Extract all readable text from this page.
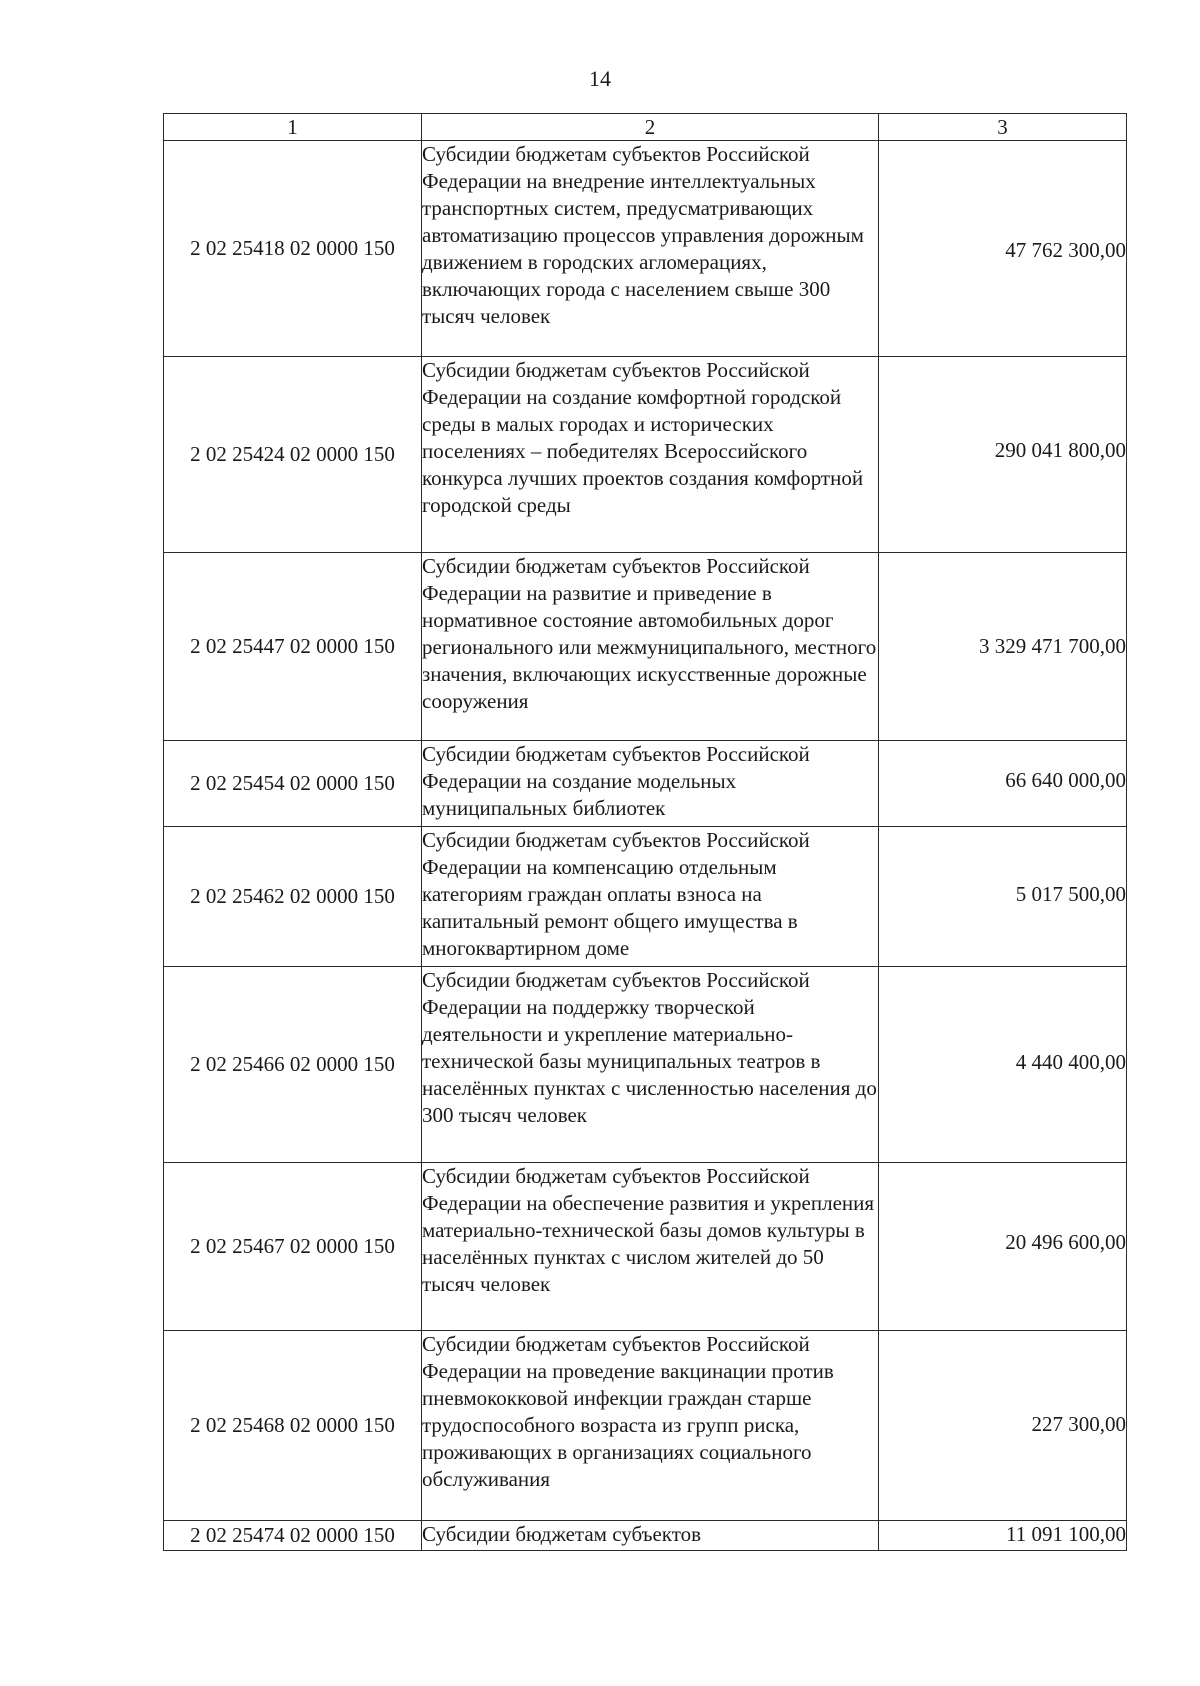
14
1	2	3
2 02 25418 02 0000 150	Субсидии бюджетам субъектов Российской Федерации на внедрение интеллектуальных транспортных систем, предусматривающих автоматизацию процессов управления дорожным движением в городских агломерациях, включающих города с населением свыше 300 тысяч человек	47 762 300,00
2 02 25424 02 0000 150	Субсидии бюджетам субъектов Российской Федерации на создание комфортной городской среды в малых городах и исторических поселениях – победителях Всероссийского конкурса лучших проектов создания комфортной городской среды	290 041 800,00
2 02 25447 02 0000 150	Субсидии бюджетам субъектов Российской Федерации на развитие и приведение в нормативное состояние автомобильных дорог регионального или межмуниципального, местного значения, включающих искусственные дорожные сооружения	3 329 471 700,00
2 02 25454 02 0000 150	Субсидии бюджетам субъектов Российской Федерации на создание модельных муниципальных библиотек	66 640 000,00
2 02 25462 02 0000 150	Субсидии бюджетам субъектов Российской Федерации на компенсацию отдельным категориям граждан оплаты взноса на капитальный ремонт общего имущества в многоквартирном доме	5 017 500,00
2 02 25466 02 0000 150	Субсидии бюджетам субъектов Российской Федерации на поддержку творческой деятельности и укрепление материально-технической базы муниципальных театров в населённых пунктах с численностью населения до 300 тысяч человек	4 440 400,00
2 02 25467 02 0000 150	Субсидии бюджетам субъектов Российской Федерации на обеспечение развития и укрепления материально-технической базы домов культуры в населённых пунктах с числом жителей до 50 тысяч человек	20 496 600,00
2 02 25468 02 0000 150	Субсидии бюджетам субъектов Российской Федерации на проведение вакцинации против пневмококковой инфекции граждан старше трудоспособного возраста из групп риска, проживающих в организациях социального обслуживания	227 300,00
2 02 25474 02 0000 150	Субсидии бюджетам субъектов	11 091 100,00
